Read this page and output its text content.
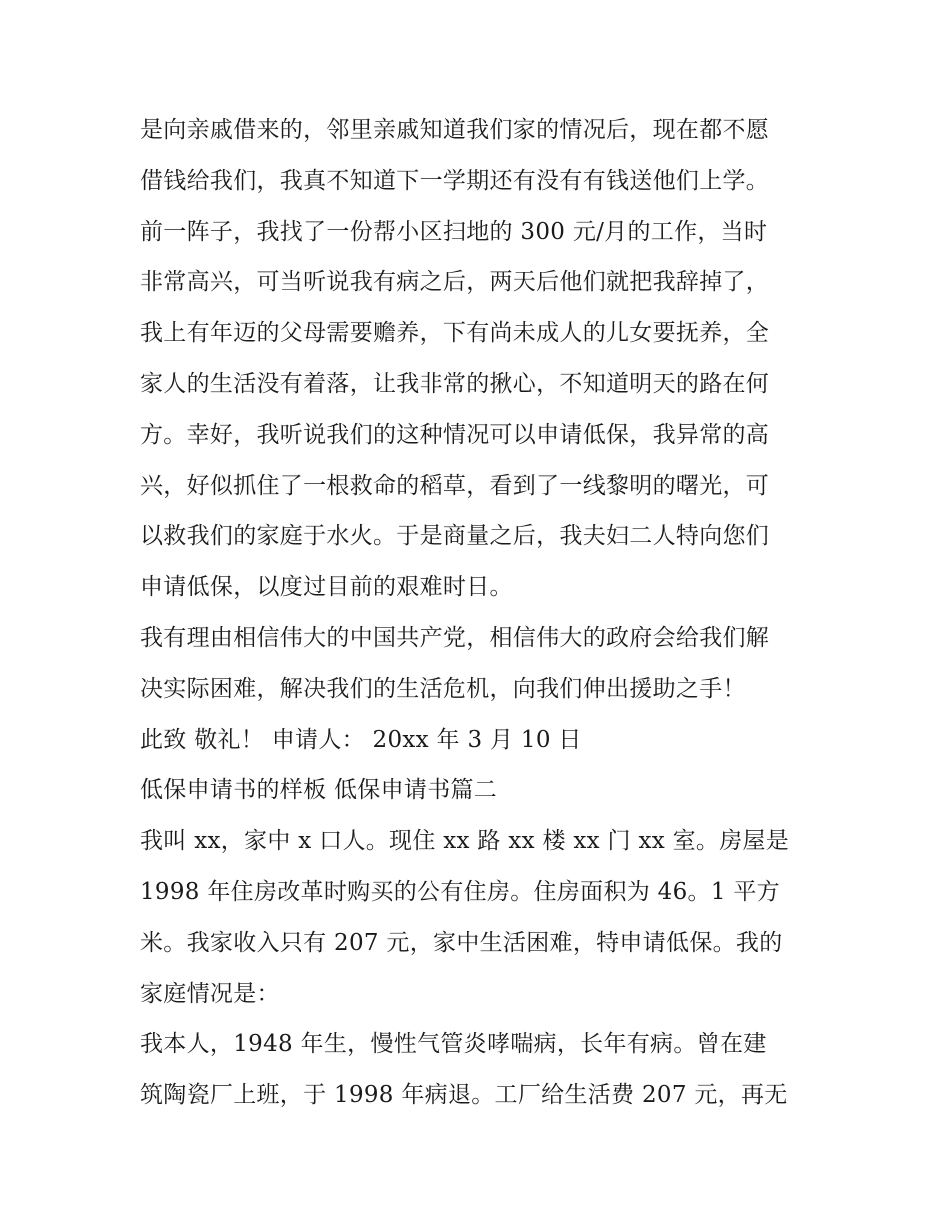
是向亲戚借来的，邻里亲戚知道我们家的情况后，现在都不愿
借钱给我们，我真不知道下一学期还有没有有钱送他们上学。
前一阵子，我找了一份帮小区扫地的 300 元/月的工作，当时
非常高兴，可当听说我有病之后，两天后他们就把我辞掉了，
我上有年迈的父母需要赡养，下有尚未成人的儿女要抚养，全
家人的生活没有着落，让我非常的揪心，不知道明天的路在何
方。幸好，我听说我们的这种情况可以申请低保，我异常的高
兴，好似抓住了一根救命的稻草，看到了一线黎明的曙光，可
以救我们的家庭于水火。于是商量之后，我夫妇二人特向您们
申请低保，以度过目前的艰难时日。
我有理由相信伟大的中国共产党，相信伟大的政府会给我们解
决实际困难，解决我们的生活危机，向我们伸出援助之手！
此致 敬礼！ 申请人： 20xx 年 3 月 10 日
低保申请书的样板 低保申请书篇二
我叫 xx，家中 x 口人。现住 xx 路 xx 楼 xx 门 xx 室。房屋是
1998 年住房改革时购买的公有住房。住房面积为 46。1 平方
米。我家收入只有 207 元，家中生活困难，特申请低保。我的
家庭情况是：
我本人，1948 年生，慢性气管炎哮喘病，长年有病。曾在建
筑陶瓷厂上班，于 1998 年病退。工厂给生活费 207 元，再无
